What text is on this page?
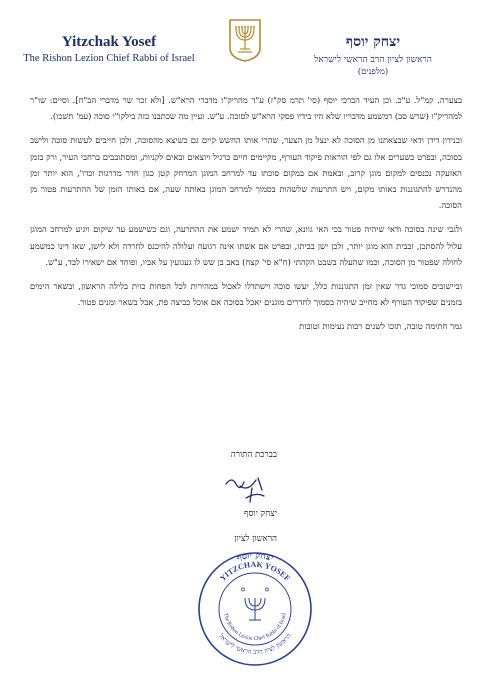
Yitzchak Yosef
The Rishon Lezion Chief Rabbi of Israel
יצחק יוסף
הראשון לציון הרב הראשי לישראל
(מלפנים)

בצערה. קמ"ל. ע"כ. וכן העיד הברכי יוסף (סי' תרמ סק"ז) ע"ד מהריק"ו מדברי הרא"ש. [ולא זכר שר מדברי הב"ח]. וסיים: שו"ר למהריק"ו (שרש סב) דמשמע מדבריו שלא היו בידיו פסקי הרא"ש לסוכה. ע"ש. ועיין מה שכתבנו בזה בילקו"י סוכה (עמ' תשכו).

ובנידון דידן ודאי שבצאתנו מן הסוכה לא ינצל מן הצער, שהרי אותו החשש קיים גם כשיצא מהסוכה, ולכן חייבים לעשות סוכה ולישב בסוכה, ובפרט כשערים אלו גם לפי הוראות פיקוד העורף, מקיימים חיים כרגיל ויוצאים ובאים לקניות, ומסתובבים ברחבי העיר, ורק בזמן האזעקה נכנסים למקום מוגן קרוב, ובאמת אם במקום סוכתו עד למרחב המוגן המרחק קטן כגון חדר מדרגות וכדו', הוא יותר זמן מהנדרש להתגוננות באותו מקום, ויש התרעות שלשהות בסמוך למרחב המוגן באותה שעה, אם באותו הזמן של ההתרעות פטור מן הסוכה.

ולגבי שינה בסוכה ודאי שיהיה פטור בכי האי גוונא, שהרי לא תמיד ישמע את ההתרעה, וגם כשישמע עד שיקום ויגיע למרחב המוגן עלול להסתכן, ובבית הוא מוגן יותר, ולכן ישן בביתו, ובפרט אם אשתו אינה רגועה ועלולה להיכנס לחרדה ולא לישן, שאז דינו כמשמע לחולה שפטור מן הסוכה, וכמו שהעלה בשבט הקהתי (ח"א סי' קצח) באב בן שש לו געגועין על אביו, ופוחד אם ישאירו לבד, ע"ש.

וביישובים סמוכי גדר שאין זמן התגוננות כלל, יעשו סוכה וישתדלו לאכול במהירות לכל הפחות כזית בלילה הראשון, ובשאר הימים בזמנים שפיקוד העורף לא מחייב שיהיה בסמוך לחדרים מוגנים יאכל בסוכה אם אוכל כביצה פת, אבל בשאר ומנים פטור.

גמר חתימה טובה, תזכו לשנים רבות נעימות וטובות

בברכת התורה
יצחק יוסף
הראשון לציון
יצחק יוסף
YITZCHAK YOSEF
The Rishon Lezion Chief Rabbi of Israel
הראשון לציון הרב הראשי לישראל
✡	✡
